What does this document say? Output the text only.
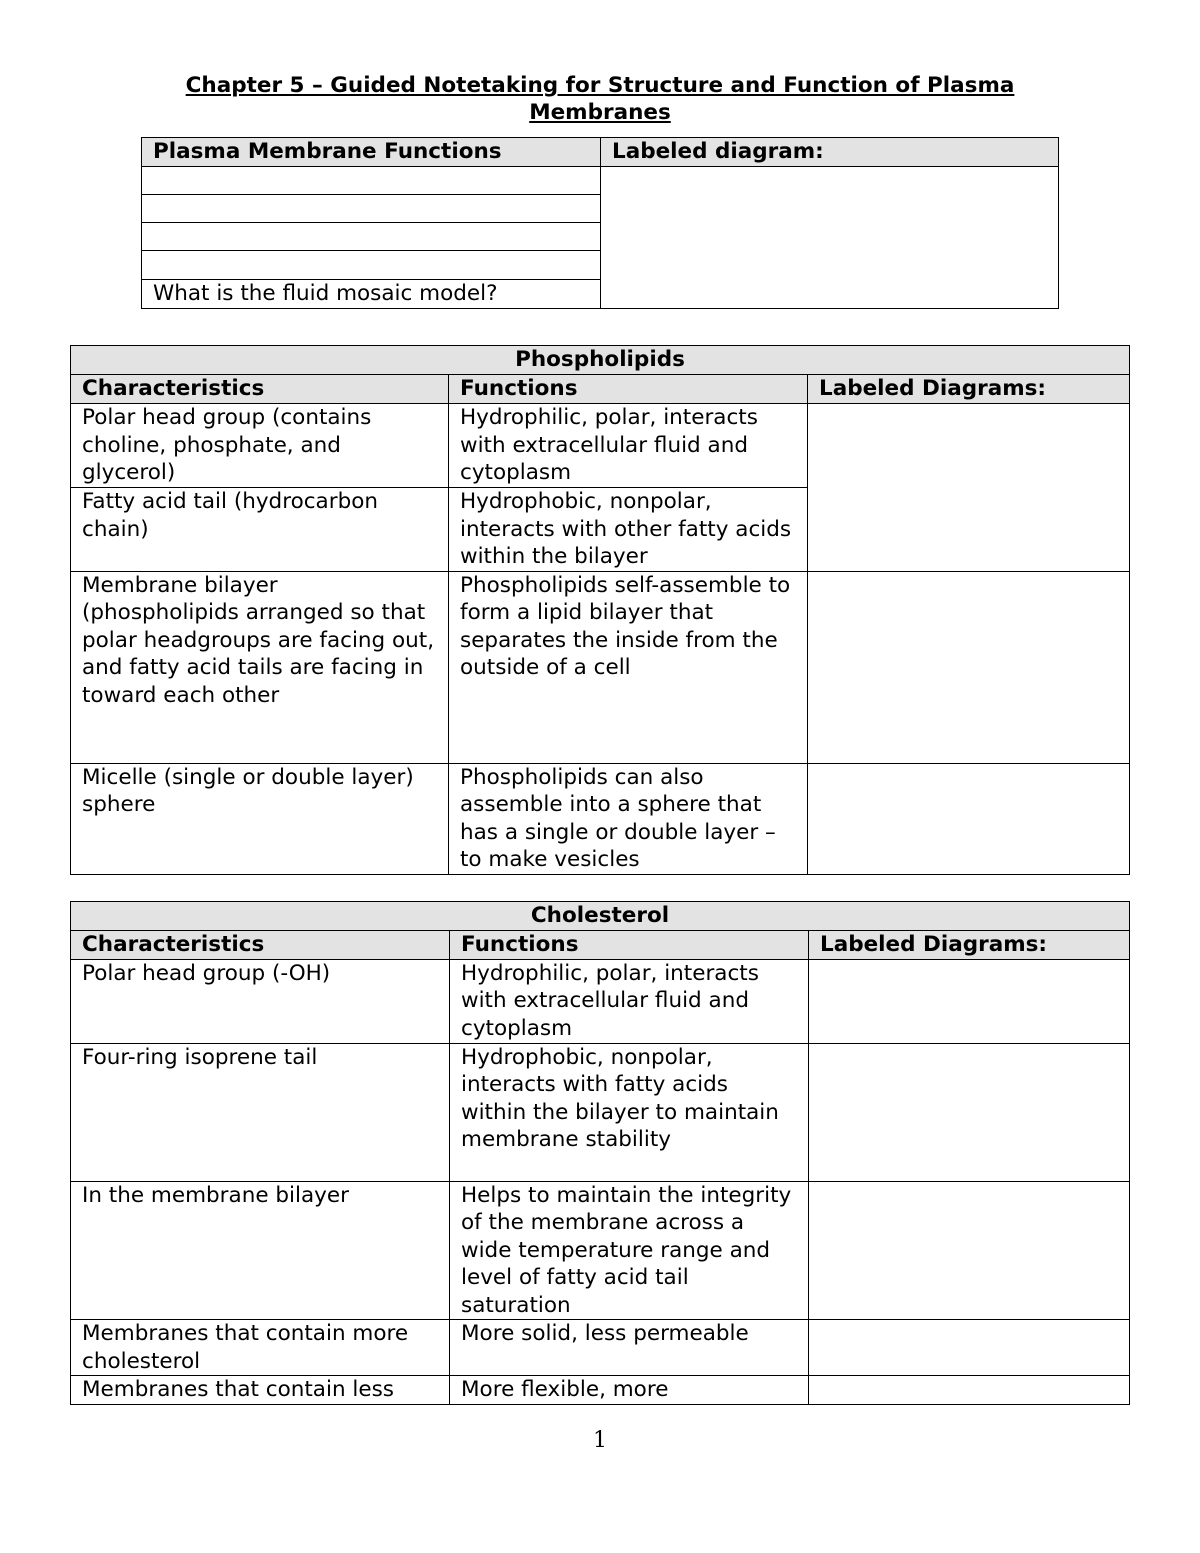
Chapter 5 – Guided Notetaking for Structure and Function of Plasma
Membranes
Plasma Membrane Functions	Labeled diagram:

What is the fluid mosaic model?	
Phospholipids		
Characteristics	Functions	Labeled Diagrams:
Polar head group (contains choline, phosphate, and glycerol)	Hydrophilic, polar, interacts with extracellular fluid and cytoplasm	
Fatty acid tail (hydrocarbon chain)	Hydrophobic, nonpolar, interacts with other fatty acids within the bilayer	
Membrane bilayer (phospholipids arranged so that polar headgroups are facing out, and fatty acid tails are facing in toward each other	Phospholipids self-assemble to form a lipid bilayer that separates the inside from the outside of a cell	
Micelle (single or double layer) sphere	Phospholipids can also assemble into a sphere that has a single or double layer – to make vesicles	
Cholesterol		
Characteristics	Functions	Labeled Diagrams:
Polar head group (-OH)	Hydrophilic, polar, interacts with extracellular fluid and cytoplasm	
Four-ring isoprene tail	Hydrophobic, nonpolar, interacts with fatty acids within the bilayer to maintain membrane stability	
In the membrane bilayer	Helps to maintain the integrity of the membrane across a wide temperature range and level of fatty acid tail saturation	
Membranes that contain more cholesterol	More solid, less permeable	
Membranes that contain less	More flexible, more	
1
